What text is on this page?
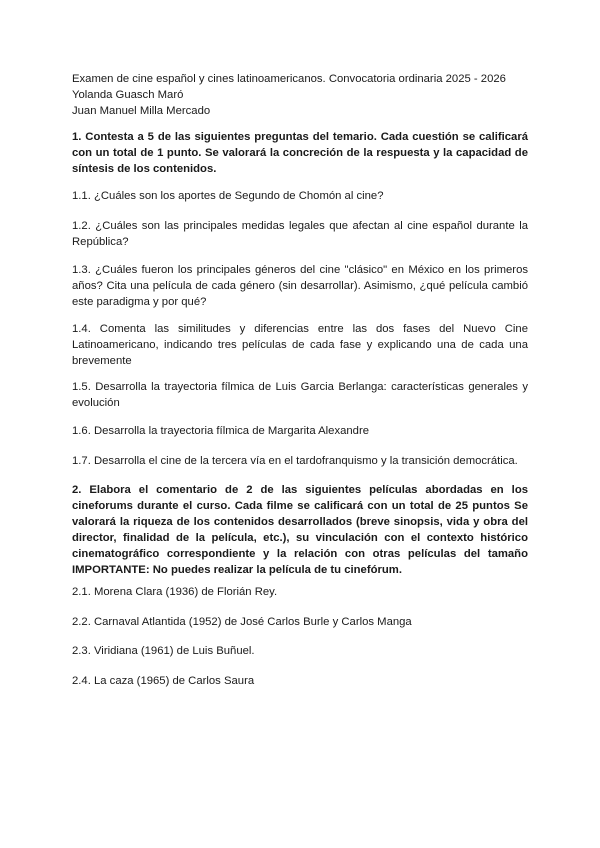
Examen de cine español y cines latinoamericanos. Convocatoria ordinaria 2025 - 2026
Yolanda Guasch Maró
Juan Manuel Milla Mercado

1. Contesta a 5 de las siguientes preguntas del temario. Cada cuestión se calificará con un total de 1 punto. Se valorará la concreción de la respuesta y la capacidad de síntesis de los contenidos.

1.1. ¿Cuáles son los aportes de Segundo de Chomón al cine?

1.2. ¿Cuáles son las principales medidas legales que afectan al cine español durante la República?

1.3. ¿Cuáles fueron los principales géneros del cine "clásico" en México en los primeros años? Cita una película de cada género (sin desarrollar). Asimismo, ¿qué película cambió este paradigma y por qué?

1.4. Comenta las similitudes y diferencias entre las dos fases del Nuevo Cine Latinoamericano, indicando tres películas de cada fase y explicando una de cada una brevemente

1.5. Desarrolla la trayectoria fílmica de Luis Garcia Berlanga: características generales y evolución

1.6. Desarrolla la trayectoria fílmica de Margarita Alexandre

1.7. Desarrolla el cine de la tercera vía en el tardofranquismo y la transición democrática.

2. Elabora el comentario de 2 de las siguientes películas abordadas en los cineforums durante el curso. Cada filme se calificará con un total de 25 puntos Se valorará la riqueza de los contenidos desarrollados (breve sinopsis, vida y obra del director, finalidad de la película, etc.), su vinculación con el contexto histórico cinematográfico correspondiente y la relación con otras películas del tamaño IMPORTANTE: No puedes realizar la película de tu cinefórum.

2.1. Morena Clara (1936) de Florián Rey.

2.2. Carnaval Atlantida (1952) de José Carlos Burle y Carlos Manga

2.3. Viridiana (1961) de Luis Buñuel.

2.4. La caza (1965) de Carlos Saura
